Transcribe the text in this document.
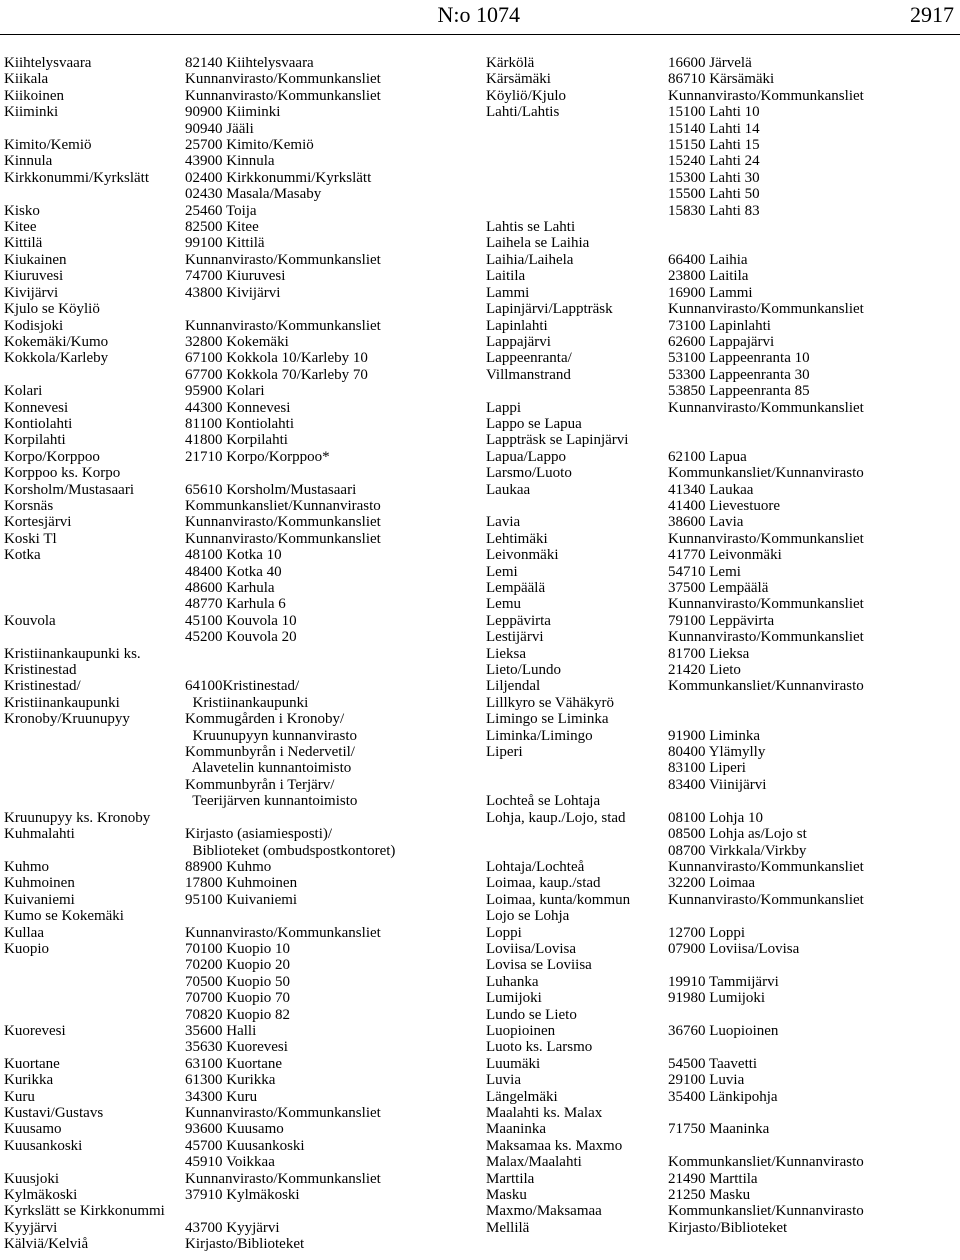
N:o 1074	2917
Kiihtelysvaara	82140 Kiihtelysvaara
Kiikala	Kunnanvirasto/Kommunkansliet
Kiikoinen	Kunnanvirasto/Kommunkansliet
Kiiminki	90900 Kiiminki
90940 Jääli
Kimito/Kemiö	25700 Kimito/Kemiö
Kinnula	43900 Kinnula
Kirkkonummi/Kyrkslätt	02400 Kirkkonummi/Kyrkslätt
02430 Masala/Masaby
Kisko	25460 Toija
Kitee	82500 Kitee
Kittilä	99100 Kittilä
Kiukainen	Kunnanvirasto/Kommunkansliet
Kiuruvesi	74700 Kiuruvesi
Kivijärvi	43800 Kivijärvi
Kjulo se Köyliö
Kodisjoki	Kunnanvirasto/Kommunkansliet
Kokemäki/Kumo	32800 Kokemäki
Kokkola/Karleby	67100 Kokkola 10/Karleby 10
67700 Kokkola 70/Karleby 70
Kolari	95900 Kolari
Konnevesi	44300 Konnevesi
Kontiolahti	81100 Kontiolahti
Korpilahti	41800 Korpilahti
Korpo/Korppoo	21710 Korpo/Korppoo*
Korppoo ks. Korpo
Korsholm/Mustasaari	65610 Korsholm/Mustasaari
Korsnäs	Kommunkansliet/Kunnanvirasto
Kortesjärvi	Kunnanvirasto/Kommunkansliet
Koski Tl	Kunnanvirasto/Kommunkansliet
Kotka	48100 Kotka 10
48400 Kotka 40
48600 Karhula
48770 Karhula 6
Kouvola	45100 Kouvola 10
45200 Kouvola 20
Kristiinankaupunki ks.
Kristinestad
Kristinestad/	64100Kristinestad/
Kristiinankaupunki	Kristiinankaupunki
Kronoby/Kruunupyy	Kommugården i Kronoby/
Kruunupyyn kunnanvirasto
Kommunbyrån i Nedervetil/
Alavetelin kunnantoimisto
Kommunbyrån i Terjärv/
Teerijärven kunnantoimisto
Kruunupyy ks. Kronoby
Kuhmalahti	Kirjasto (asiamiesposti)/
Biblioteket (ombudspostkontoret)
Kuhmo	88900 Kuhmo
Kuhmoinen	17800 Kuhmoinen
Kuivaniemi	95100 Kuivaniemi
Kumo se Kokemäki
Kullaa	Kunnanvirasto/Kommunkansliet
Kuopio	70100 Kuopio 10
70200 Kuopio 20
70500 Kuopio 50
70700 Kuopio 70
70820 Kuopio 82
Kuorevesi	35600 Halli
35630 Kuorevesi
Kuortane	63100 Kuortane
Kurikka	61300 Kurikka
Kuru	34300 Kuru
Kustavi/Gustavs	Kunnanvirasto/Kommunkansliet
Kuusamo	93600 Kuusamo
Kuusankoski	45700 Kuusankoski
45910 Voikkaa
Kuusjoki	Kunnanvirasto/Kommunkansliet
Kylmäkoski	37910 Kylmäkoski
Kyrkslätt se Kirkkonummi
Kyyjärvi	43700 Kyyjärvi
Kälviä/Kelviå	Kirjasto/Biblioteket
Kärkölä	16600 Järvelä
Kärsämäki	86710 Kärsämäki
Köyliö/Kjulo	Kunnanvirasto/Kommunkansliet
Lahti/Lahtis	15100 Lahti 10
15140 Lahti 14
15150 Lahti 15
15240 Lahti 24
15300 Lahti 30
15500 Lahti 50
15830 Lahti 83
Lahtis se Lahti
Laihela se Laihia
Laihia/Laihela	66400 Laihia
Laitila	23800 Laitila
Lammi	16900 Lammi
Lapinjärvi/Lappträsk	Kunnanvirasto/Kommunkansliet
Lapinlahti	73100 Lapinlahti
Lappajärvi	62600 Lappajärvi
Lappeenranta/	53100 Lappeenranta 10
Villmanstrand	53300 Lappeenranta 30
53850 Lappeenranta 85
Lappi	Kunnanvirasto/Kommunkansliet
Lappo se Lapua
Lappträsk se Lapinjärvi
Lapua/Lappo	62100 Lapua
Larsmo/Luoto	Kommunkansliet/Kunnanvirasto
Laukaa	41340 Laukaa
41400 Lievestuore
Lavia	38600 Lavia
Lehtimäki	Kunnanvirasto/Kommunkansliet
Leivonmäki	41770 Leivonmäki
Lemi	54710 Lemi
Lempäälä	37500 Lempäälä
Lemu	Kunnanvirasto/Kommunkansliet
Leppävirta	79100 Leppävirta
Lestijärvi	Kunnanvirasto/Kommunkansliet
Lieksa	81700 Lieksa
Lieto/Lundo	21420 Lieto
Liljendal	Kommunkansliet/Kunnanvirasto
Lillkyro se Vähäkyrö
Limingo se Liminka
Liminka/Limingo	91900 Liminka
Liperi	80400 Ylämylly
83100 Liperi
83400 Viinijärvi
Lochteå se Lohtaja
Lohja, kaup./Lojo, stad	08100 Lohja 10
08500 Lohja as/Lojo st
08700 Virkkala/Virkby
Lohtaja/Lochteå	Kunnanvirasto/Kommunkansliet
Loimaa, kaup./stad	32200 Loimaa
Loimaa, kunta/kommun	Kunnanvirasto/Kommunkansliet
Lojo se Lohja
Loppi	12700 Loppi
Loviisa/Lovisa	07900 Loviisa/Lovisa
Lovisa se Loviisa
Luhanka	19910 Tammijärvi
Lumijoki	91980 Lumijoki
Lundo se Lieto
Luopioinen	36760 Luopioinen
Luoto ks. Larsmo
Luumäki	54500 Taavetti
Luvia	29100 Luvia
Längelmäki	35400 Länkipohja
Maalahti ks. Malax
Maaninka	71750 Maaninka
Maksamaa ks. Maxmo
Malax/Maalahti	Kommunkansliet/Kunnanvirasto
Marttila	21490 Marttila
Masku	21250 Masku
Maxmo/Maksamaa	Kommunkansliet/Kunnanvirasto
Mellilä	Kirjasto/Biblioteket
